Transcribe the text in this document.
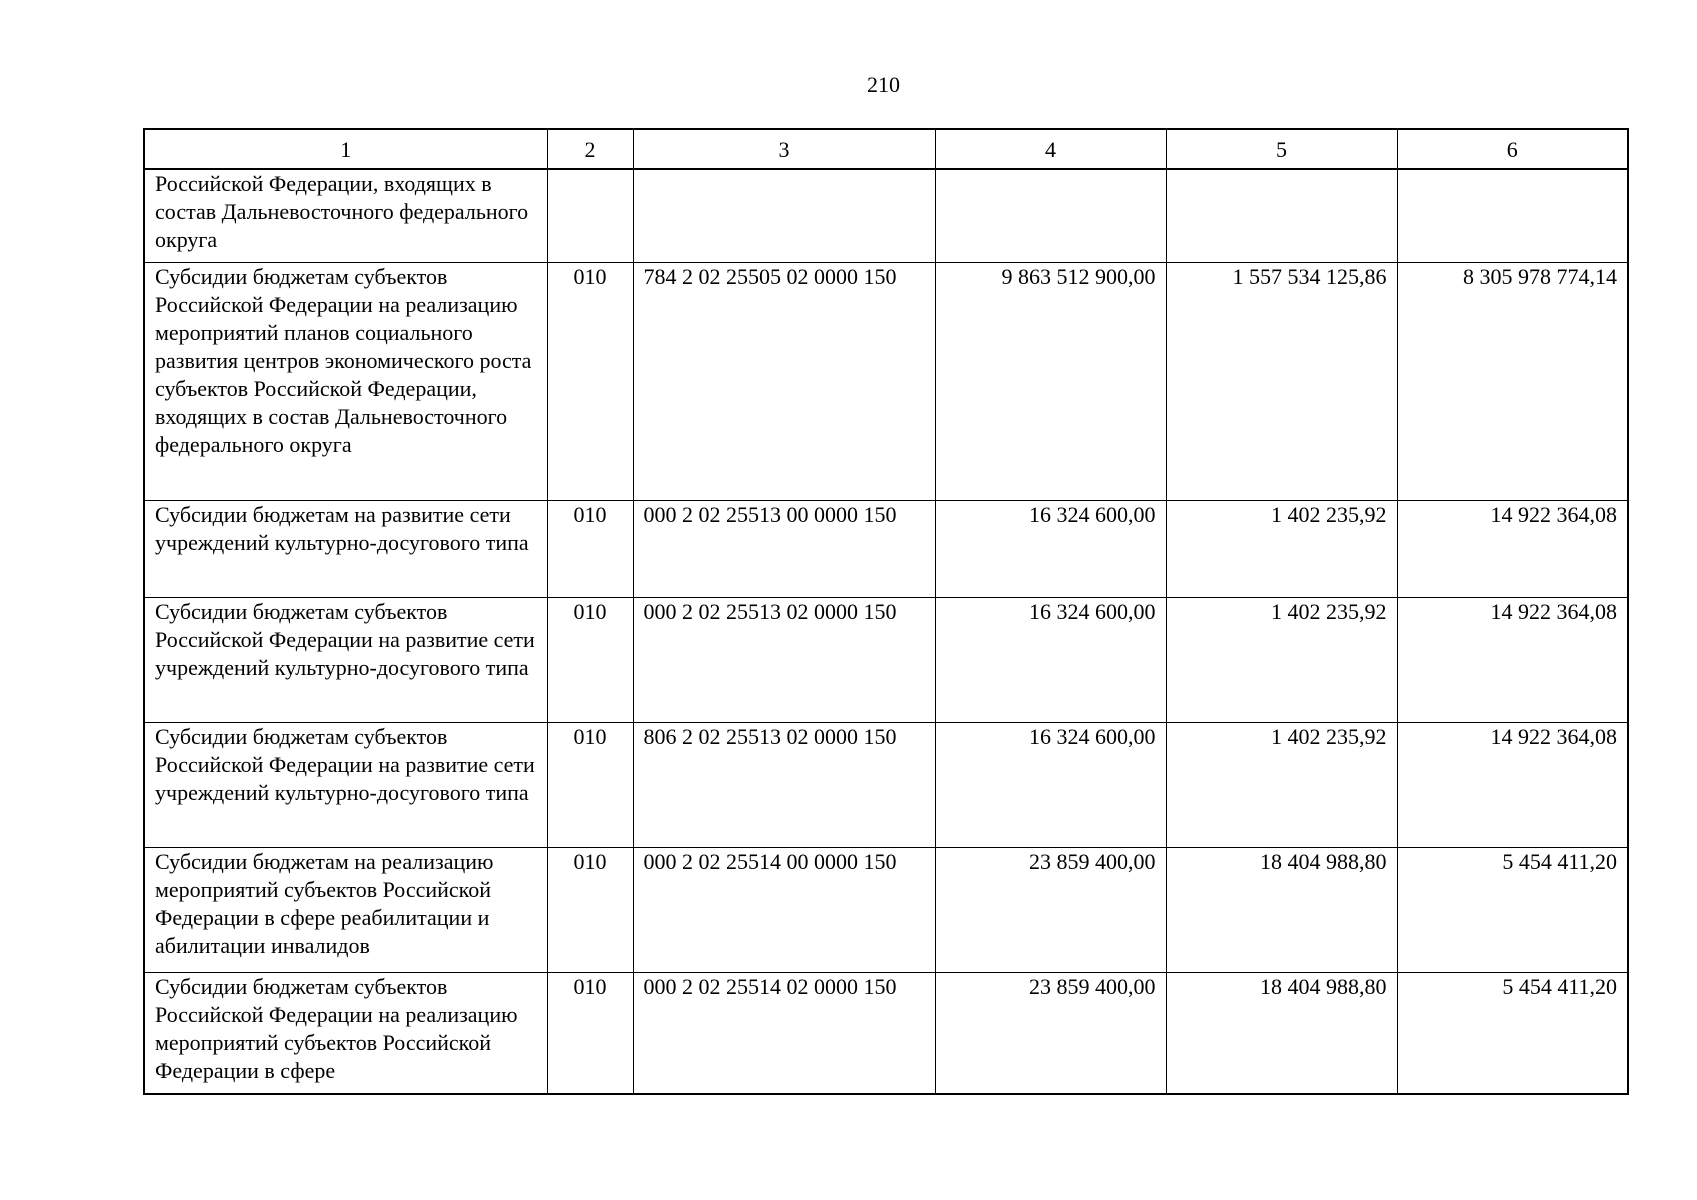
210
1	2	3	4	5	6
Российской Федерации, входящих в состав Дальневосточного федерального округа					
Субсидии бюджетам субъектов Российской Федерации на реализацию мероприятий планов социального развития центров экономического роста субъектов Российской Федерации, входящих в состав Дальневосточного федерального округа	010	784 2 02 25505 02 0000 150	9 863 512 900,00	1 557 534 125,86	8 305 978 774,14
Субсидии бюджетам на развитие сети учреждений культурно-досугового типа	010	000 2 02 25513 00 0000 150	16 324 600,00	1 402 235,92	14 922 364,08
Субсидии бюджетам субъектов Российской Федерации на развитие сети учреждений культурно-досугового типа	010	000 2 02 25513 02 0000 150	16 324 600,00	1 402 235,92	14 922 364,08
Субсидии бюджетам субъектов Российской Федерации на развитие сети учреждений культурно-досугового типа	010	806 2 02 25513 02 0000 150	16 324 600,00	1 402 235,92	14 922 364,08
Субсидии бюджетам на реализацию мероприятий субъектов Российской Федерации в сфере реабилитации и абилитации инвалидов	010	000 2 02 25514 00 0000 150	23 859 400,00	18 404 988,80	5 454 411,20
Субсидии бюджетам субъектов Российской Федерации на реализацию мероприятий субъектов Российской Федерации в сфере	010	000 2 02 25514 02 0000 150	23 859 400,00	18 404 988,80	5 454 411,20
